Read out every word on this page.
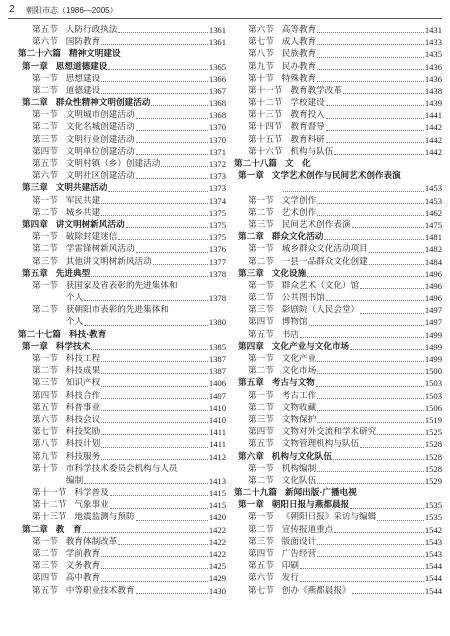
2 朝阳市志（1986—2005）
第五节 人防行政执法	1361
第六节 国防教育	1361
第二十六篇 精神文明建设
第一章 思想道德建设	1365
第一节 思想建设	1366
第二节 道德建设	1367
第二章 群众性精神文明创建活动	1368
第一节 文明城市创建活动	1368
第二节 文化名城创建活动	1370
第三节 文明行业创建活动	1370
第四节 文明单位创建活动	1371
第五节 文明村镇（乡）创建活动	1372
第六节 文明社区创建活动	1373
第三章 文明共建活动	1373
第一节 军民共建	1374
第二节 城乡共建	1375
第四章 讲文明树新风活动	1375
第一节 破除封建迷信	1375
第二节 学雷锋树新风活动	1376
第三节 其他讲文明树新风活动	1377
第五章 先进典型	1378
第一节 获国家及省表彰的先进集体和
个人	1378
第二节 获朝阳市表彰的先进集体和
个人	1380
第二十七篇 科技·教育
第一章 科学技术	1385
第一节 科技工程	1387
第二节 科技成果	1387
第三节 知识产权	1406
第四节 科技合作	1407
第五节 科普事业	1410
第六节 科技会议	1410
第七节 科技奖励	1411
第八节 科技计划	1411
第九节 科技服务	1412
第十节 市科学技术委员会机构与人员
编制	1413
第十一节 科学普及	1415
第十二节 气象事业	1415
第十三节 地震监测与预防	1420
第二章 教　育	1422
第一节 教育体制改革	1422
第二节 学前教育	1422
第三节 义务教育	1425
第四节 高中教育	1429
第五节 中等职业技术教育	1430
第六节 高等教育	1431
第七节 成人教育	1433
第八节 民族教育	1435
第九节 民办教育	1436
第十节 特殊教育	1436
第十一节 教育教学改革	1438
第十二节 学校建设	1439
第十三节 教育投入	1441
第十四节 教育督导	1442
第十五节 教育科研	1442
第十六节 机构与队伍	1442
第二十八篇 文　化
第一章 文学艺术创作与民间艺术创作表演
1453
第一节 文学创作	1453
第二节 艺术创作	1462
第三节 民间艺术创作表演	1475
第二章 群众文化活动	1481
第一节 城乡群众文化活动项目	1482
第二节 一县一品群众文化创建	1484
第三章 文化设施	1496
第一节 群众艺术（文化）馆	1496
第二节 公共图书馆	1496
第三节 影剧院（人民会堂）	1497
第四节 博物馆	1497
第五节 书店	1499
第四章 文化产业与文化市场	1499
第一节 文化产业	1499
第二节 文化市场	1500
第五章 考古与文物	1503
第一节 考古工作	1503
第二节 文物收藏	1506
第三节 文物保护	1519
第四节 文物对外交流和学术研究	1525
第五节 文物管理机构与队伍	1528
第六章 机构与文化队伍	1528
第一节 机构编制	1528
第二节 文化队伍	1529
第二十九篇 新闻出版·广播电视
第一章 朝阳日报与燕都晨报	1535
第一节 《朝阳日报》采访与编辑	1535
第二节 宣传报道重点	1542
第三节 版面设计	1543
第四节 广告经营	1543
第五节 印刷	1544
第六节 发行	1544
第七节 创办《燕都晨报》	1544
